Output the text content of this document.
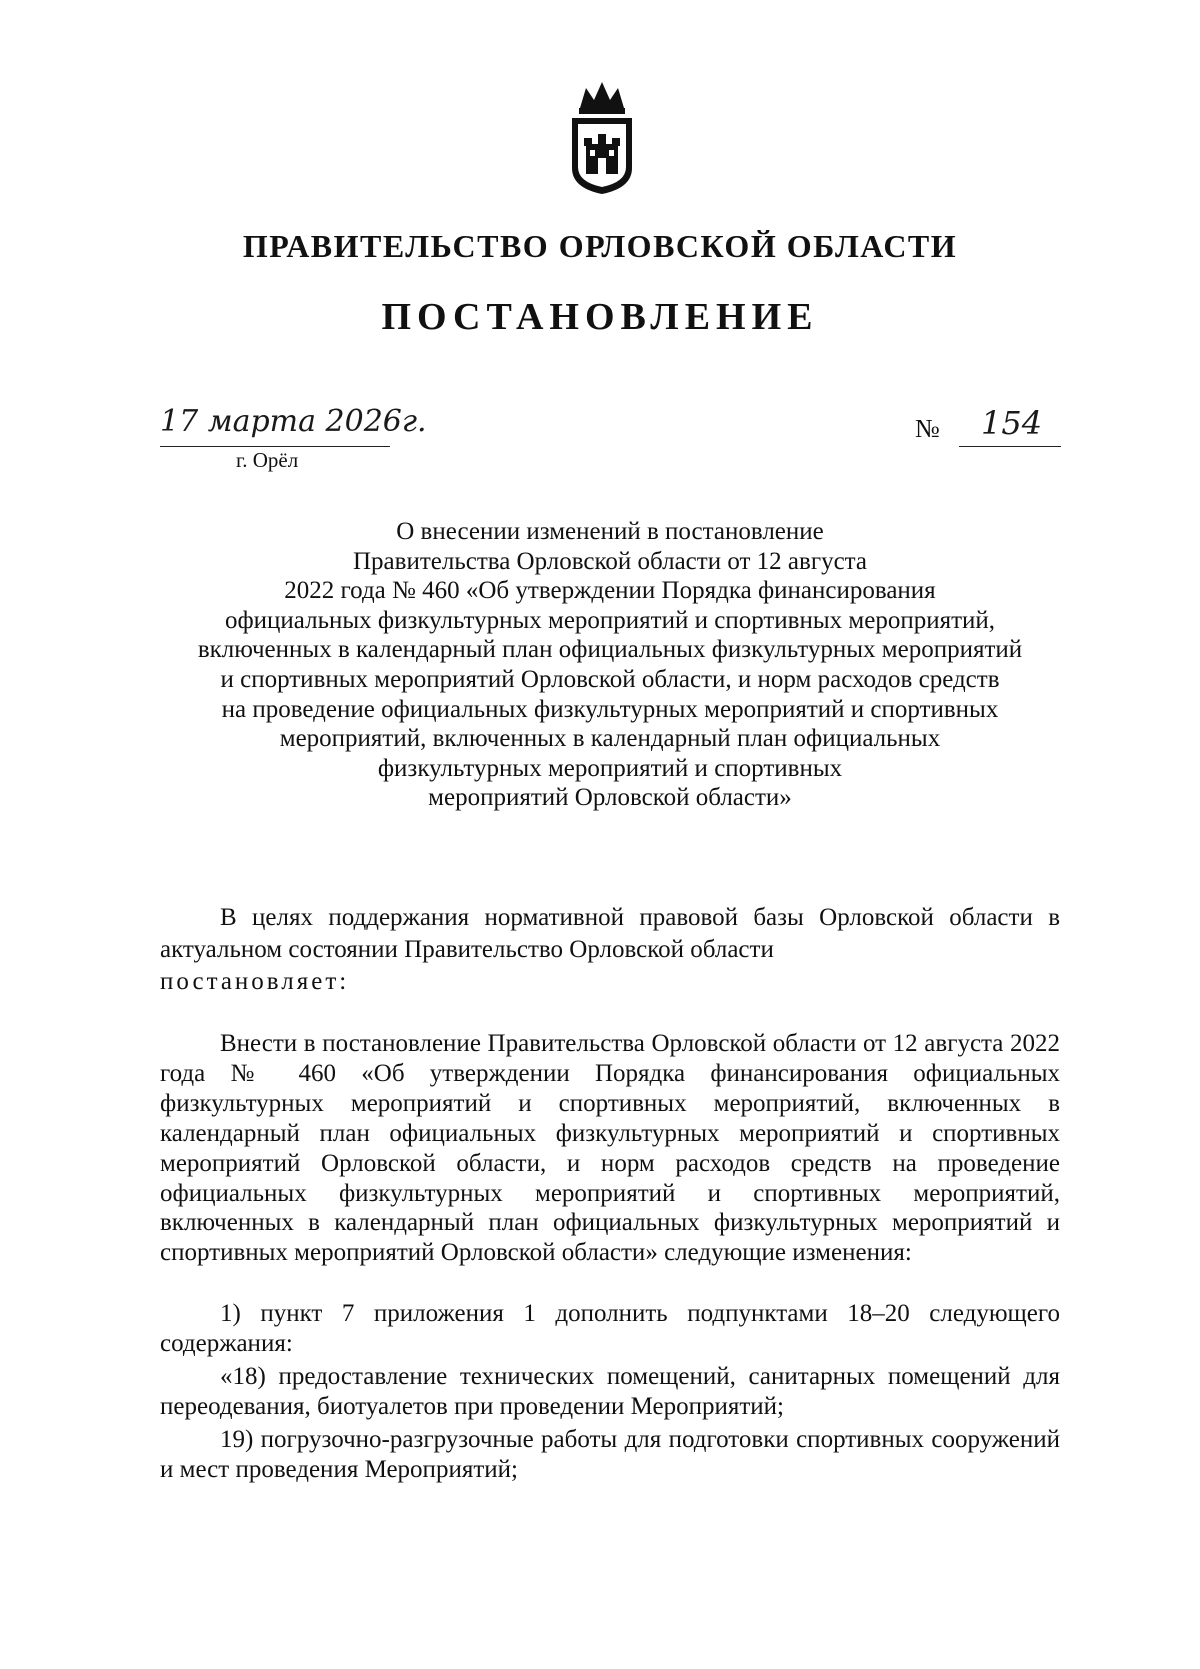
ПРАВИТЕЛЬСТВО ОРЛОВСКОЙ ОБЛАСТИ
ПОСТАНОВЛЕНИЕ
17 марта 2026г.
г. Орёл
№ 154
О внесении изменений в постановление
Правительства Орловской области от 12 августа
2022 года № 460 «Об утверждении Порядка финансирования
официальных физкультурных мероприятий и спортивных мероприятий,
включенных в календарный план официальных физкультурных мероприятий
и спортивных мероприятий Орловской области, и норм расходов средств
на проведение официальных физкультурных мероприятий и спортивных
мероприятий, включенных в календарный план официальных
физкультурных мероприятий и спортивных
мероприятий Орловской области»

В целях поддержания нормативной правовой базы Орловской области в актуальном состоянии Правительство Орловской области

постановляет:

Внести в постановление Правительства Орловской области от 12 августа 2022 года № 460 «Об утверждении Порядка финансирования официальных физкультурных мероприятий и спортивных мероприятий, включенных в календарный план официальных физкультурных мероприятий и спортивных мероприятий Орловской области, и норм расходов средств на проведение официальных физкультурных мероприятий и спортивных мероприятий, включенных в календарный план официальных физкультурных мероприятий и спортивных мероприятий Орловской области» следующие изменения:

1) пункт 7 приложения 1 дополнить подпунктами 18–20 следующего содержания:

«18) предоставление технических помещений, санитарных помещений для переодевания, биотуалетов при проведении Мероприятий;

19) погрузочно-разгрузочные работы для подготовки спортивных сооружений и мест проведения Мероприятий;
